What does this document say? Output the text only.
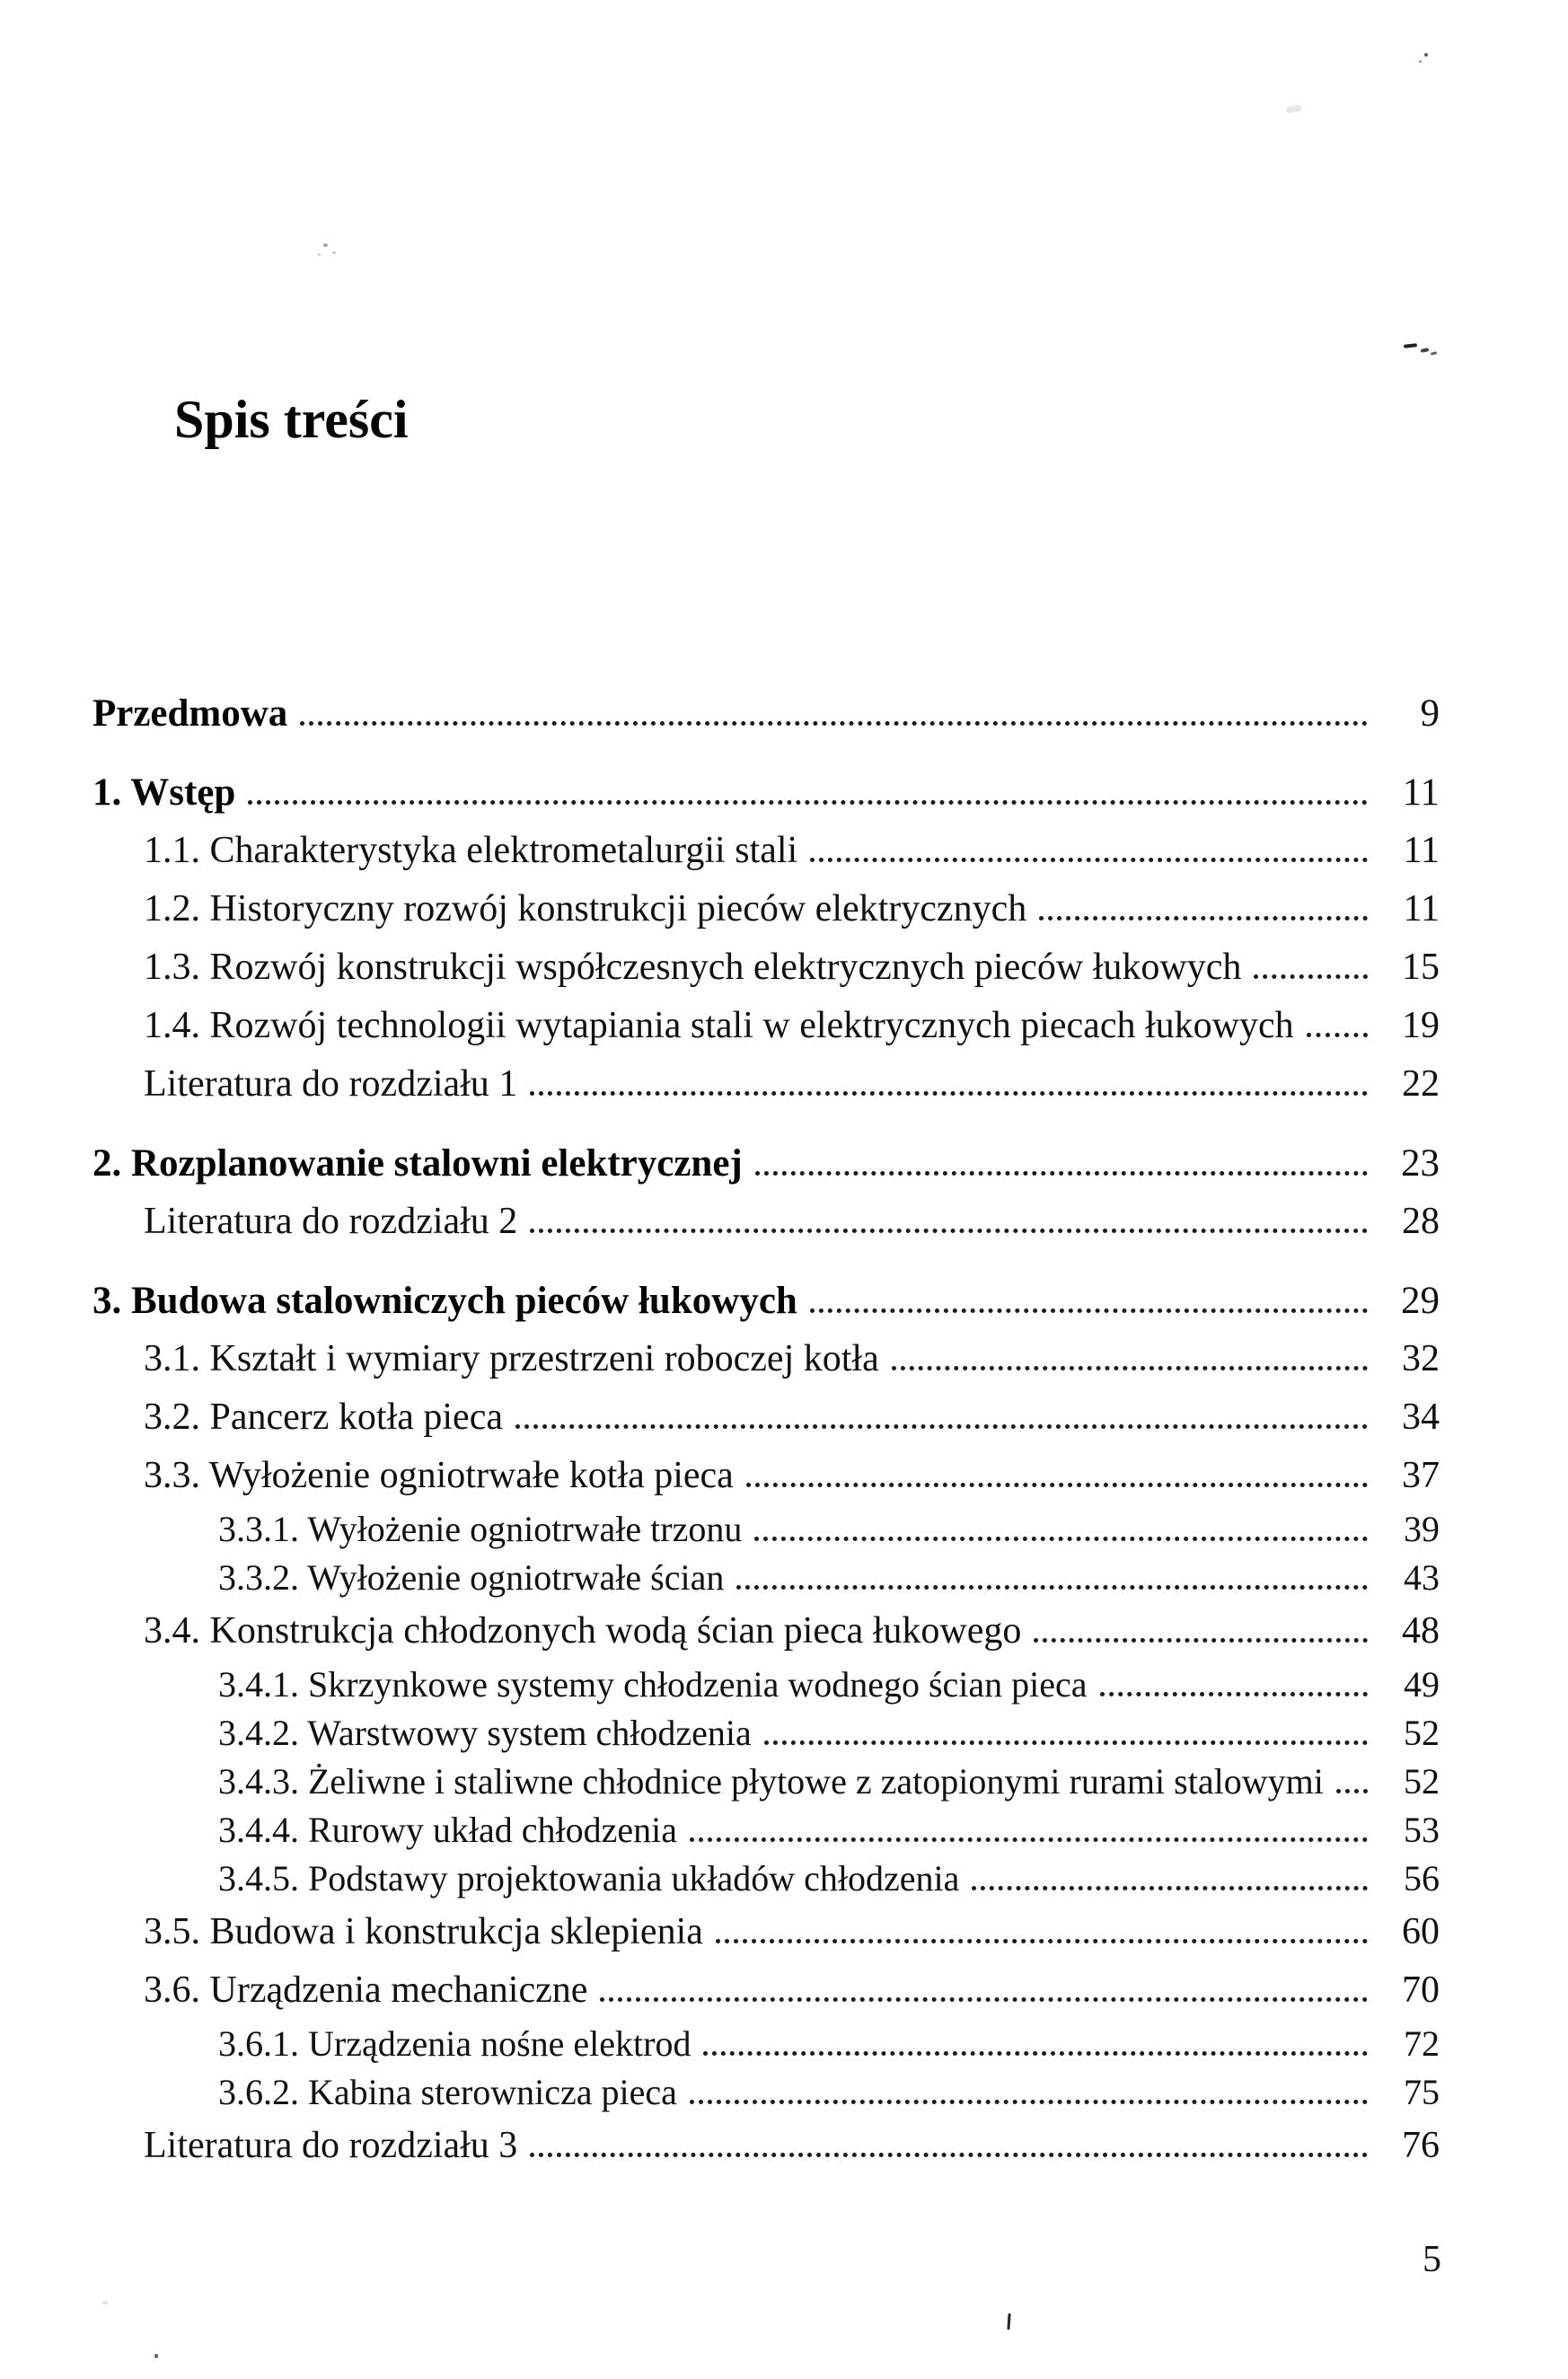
Spis treści
Przedmowa	9
1. Wstęp	11
1.1. Charakterystyka elektrometalurgii stali	11
1.2. Historyczny rozwój konstrukcji pieców elektrycznych	11
1.3. Rozwój konstrukcji współczesnych elektrycznych pieców łukowych	15
1.4. Rozwój technologii wytapiania stali w elektrycznych piecach łukowych	19
Literatura do rozdziału 1	22
2. Rozplanowanie stalowni elektrycznej	23
Literatura do rozdziału 2	28
3. Budowa stalowniczych pieców łukowych	29
3.1. Kształt i wymiary przestrzeni roboczej kotła	32
3.2. Pancerz kotła pieca	34
3.3. Wyłożenie ogniotrwałe kotła pieca	37
3.3.1. Wyłożenie ogniotrwałe trzonu	39
3.3.2. Wyłożenie ogniotrwałe ścian	43
3.4. Konstrukcja chłodzonych wodą ścian pieca łukowego	48
3.4.1. Skrzynkowe systemy chłodzenia wodnego ścian pieca	49
3.4.2. Warstwowy system chłodzenia	52
3.4.3. Żeliwne i staliwne chłodnice płytowe z zatopionymi rurami stalowymi	52
3.4.4. Rurowy układ chłodzenia	53
3.4.5. Podstawy projektowania układów chłodzenia	56
3.5. Budowa i konstrukcja sklepienia	60
3.6. Urządzenia mechaniczne	70
3.6.1. Urządzenia nośne elektrod	72
3.6.2. Kabina sterownicza pieca	75
Literatura do rozdziału 3	76
5
